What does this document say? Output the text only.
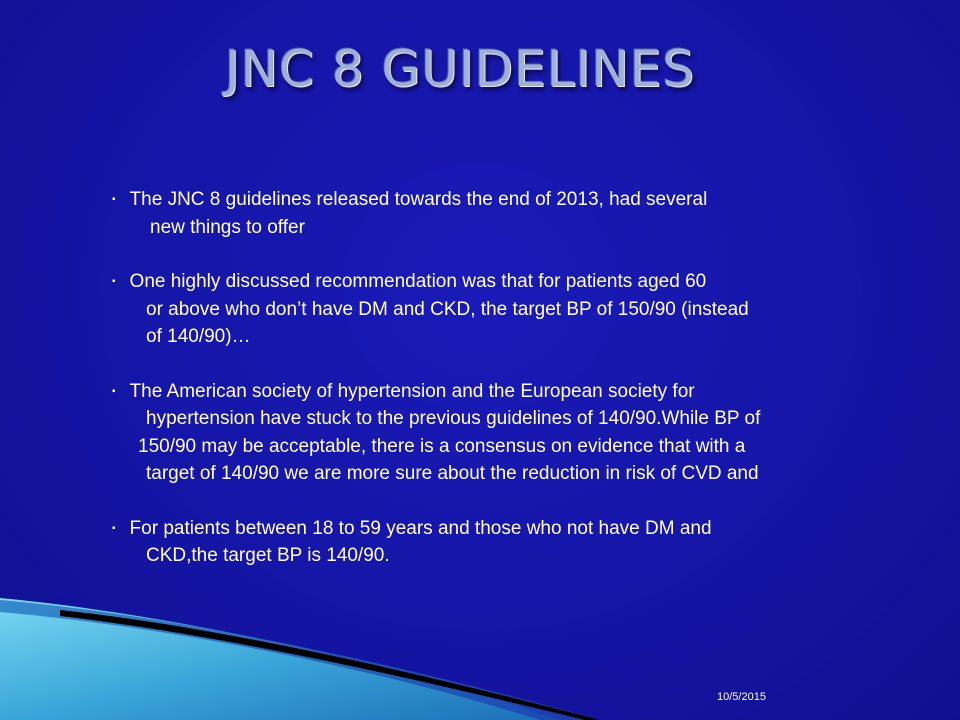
JNC 8 GUIDELINES

▪ The JNC 8 guidelines released towards the end of 2013, had several
new things to offer

▪ One highly discussed recommendation was that for patients aged 60
or above who don’t have DM and CKD, the target BP of 150/90 (instead
of 140/90)…

▪ The American society of hypertension and the European society for
hypertension have stuck to the previous guidelines of 140/90.While BP of
150/90 may be acceptable, there is a consensus on evidence that with a
target of 140/90 we are more sure about the reduction in risk of CVD and

▪ For patients between 18 to 59 years and those who not have DM and
CKD,the target BP is 140/90.

10/5/2015
